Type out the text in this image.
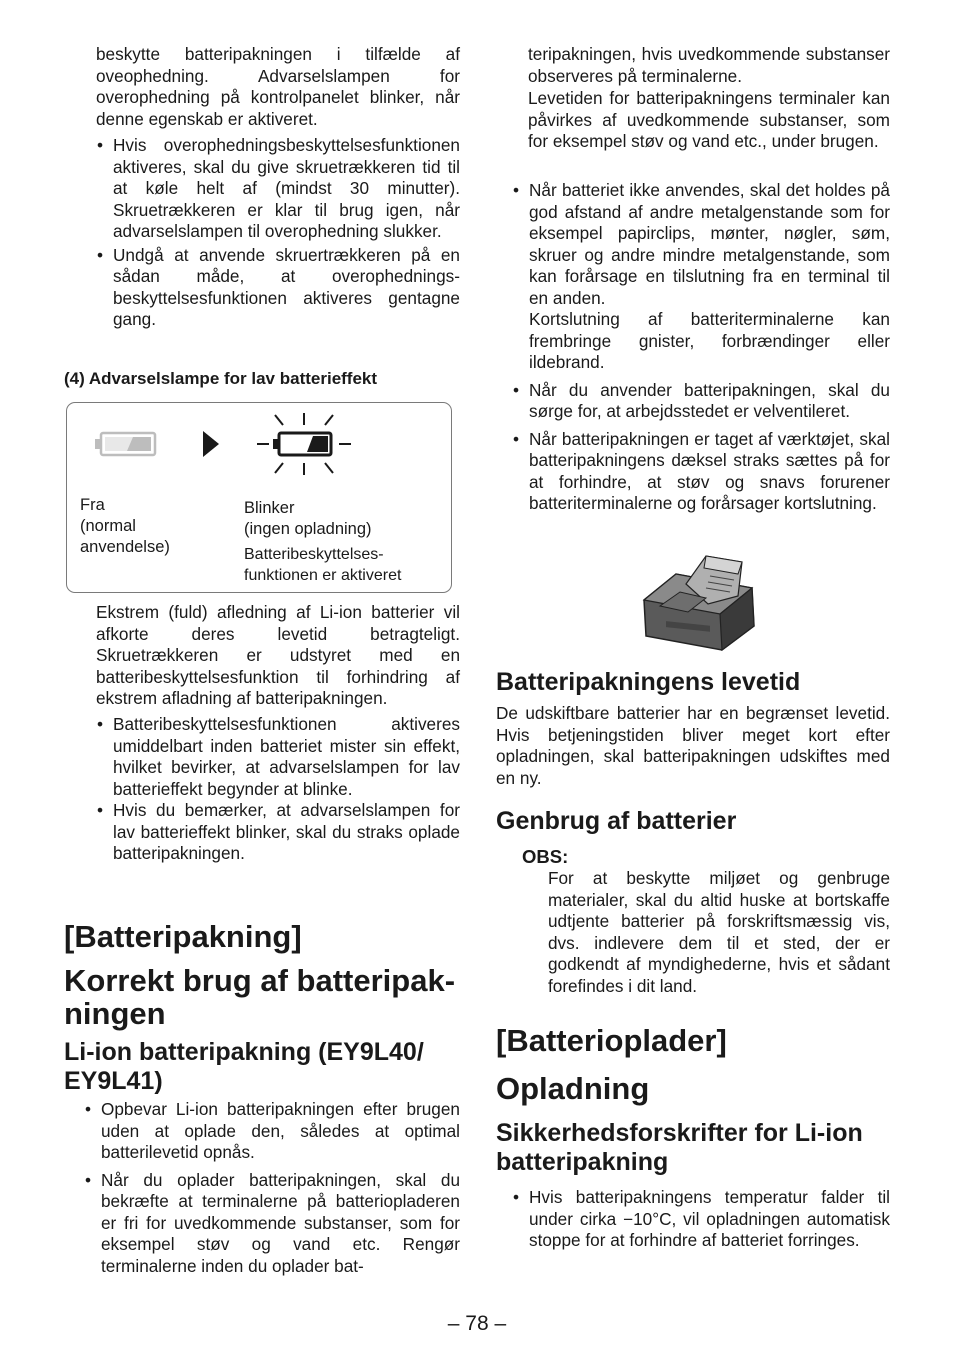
beskytte batteripakningen i tilfælde af oveophedning. Advarselslampen for overophedning på kontrolpanelet blinker, når denne egenskab er aktiveret.

• Hvis overophedningsbeskyttelsesfunktionen aktiveres, skal du give skruetrækkeren tid til at køle helt af (mindst 30 minutter). Skruetrækkeren er klar til brug igen, når advarselslampen til overophedning slukker.
• Undgå at anvende skruertrækkeren på en sådan måde, at overophednings-beskyttelsesfunktionen aktiveres gentagne gang.

(4) Advarselslampe for lav batterieffekt

Ekstrem (fuld) afledning af Li-ion batterier vil afkorte deres levetid betragteligt. Skruetrækkeren er udstyret med en batteribeskyttelsesfunktion til forhindring af ekstrem afladning af batteripakningen.

• Batteribeskyttelsesfunktionen aktiveres umiddelbart inden batteriet mister sin effekt, hvilket bevirker, at advarselslampen for lav batterieffekt begynder at blinke.
• Hvis du bemærker, at advarselslampen for lav batterieffekt blinker, skal du straks oplade batteripakningen.

[Batteripakning]

Korrekt brug af batteripak-
ningen

Li-ion batteripakning (EY9L40/
EY9L41)

• Opbevar Li-ion batteripakningen efter brugen uden at oplade den, således at optimal batterilevetid opnås.
• Når du oplader batteripakningen, skal du bekræfte at terminalerne på batteriopladeren er fri for uvedkommende substanser, som for eksempel støv og vand etc. Rengør terminalerne inden du oplader bat-

Fra
(normal
anvendelse)

Blinker
(ingen opladning)

Batteribeskyttelses-
funktionen er aktiveret

teripakningen, hvis uvedkommende substanser observeres på terminalerne.

Levetiden for batteripakningens terminaler kan påvirkes af uvedkommende substanser, som for eksempel støv og vand etc., under brugen.

• Når batteriet ikke anvendes, skal det holdes på god afstand af andre metalgenstande som for eksempel papirclips, mønter, nøgler, søm, skruer og andre mindre metalgenstande, som kan forårsage en tilslutning fra en terminal til en anden.
Kortslutning af batteriterminalerne kan frembringe gnister, forbrændinger eller ildebrand.
• Når du anvender batteripakningen, skal du sørge for, at arbejdsstedet er velventileret.
• Når batteripakningen er taget af værktøjet, skal batteripakningens dæksel straks sættes på for at forhindre, at støv og snavs forurener batteriterminalerne og forårsager kortslutning.

Batteripakningens levetid

De udskiftbare batterier har en begrænset levetid. Hvis betjeningstiden bliver meget kort efter opladningen, skal batteripakningen udskiftes med en ny.

Genbrug af batterier

OBS:

For at beskytte miljøet og genbruge materialer, skal du altid huske at bortskaffe udtjente batterier på forskriftsmæssig vis, dvs. indlevere dem til et sted, der er godkendt af myndighederne, hvis et sådant forefindes i dit land.

[Batterioplader]

Opladning

Sikkerhedsforskrifter for Li-ion
batteripakning

• Hvis batteripakningens temperatur falder til under cirka −10°C, vil opladningen automatisk stoppe for at forhindre af batteriet forringes.
– 78 –
